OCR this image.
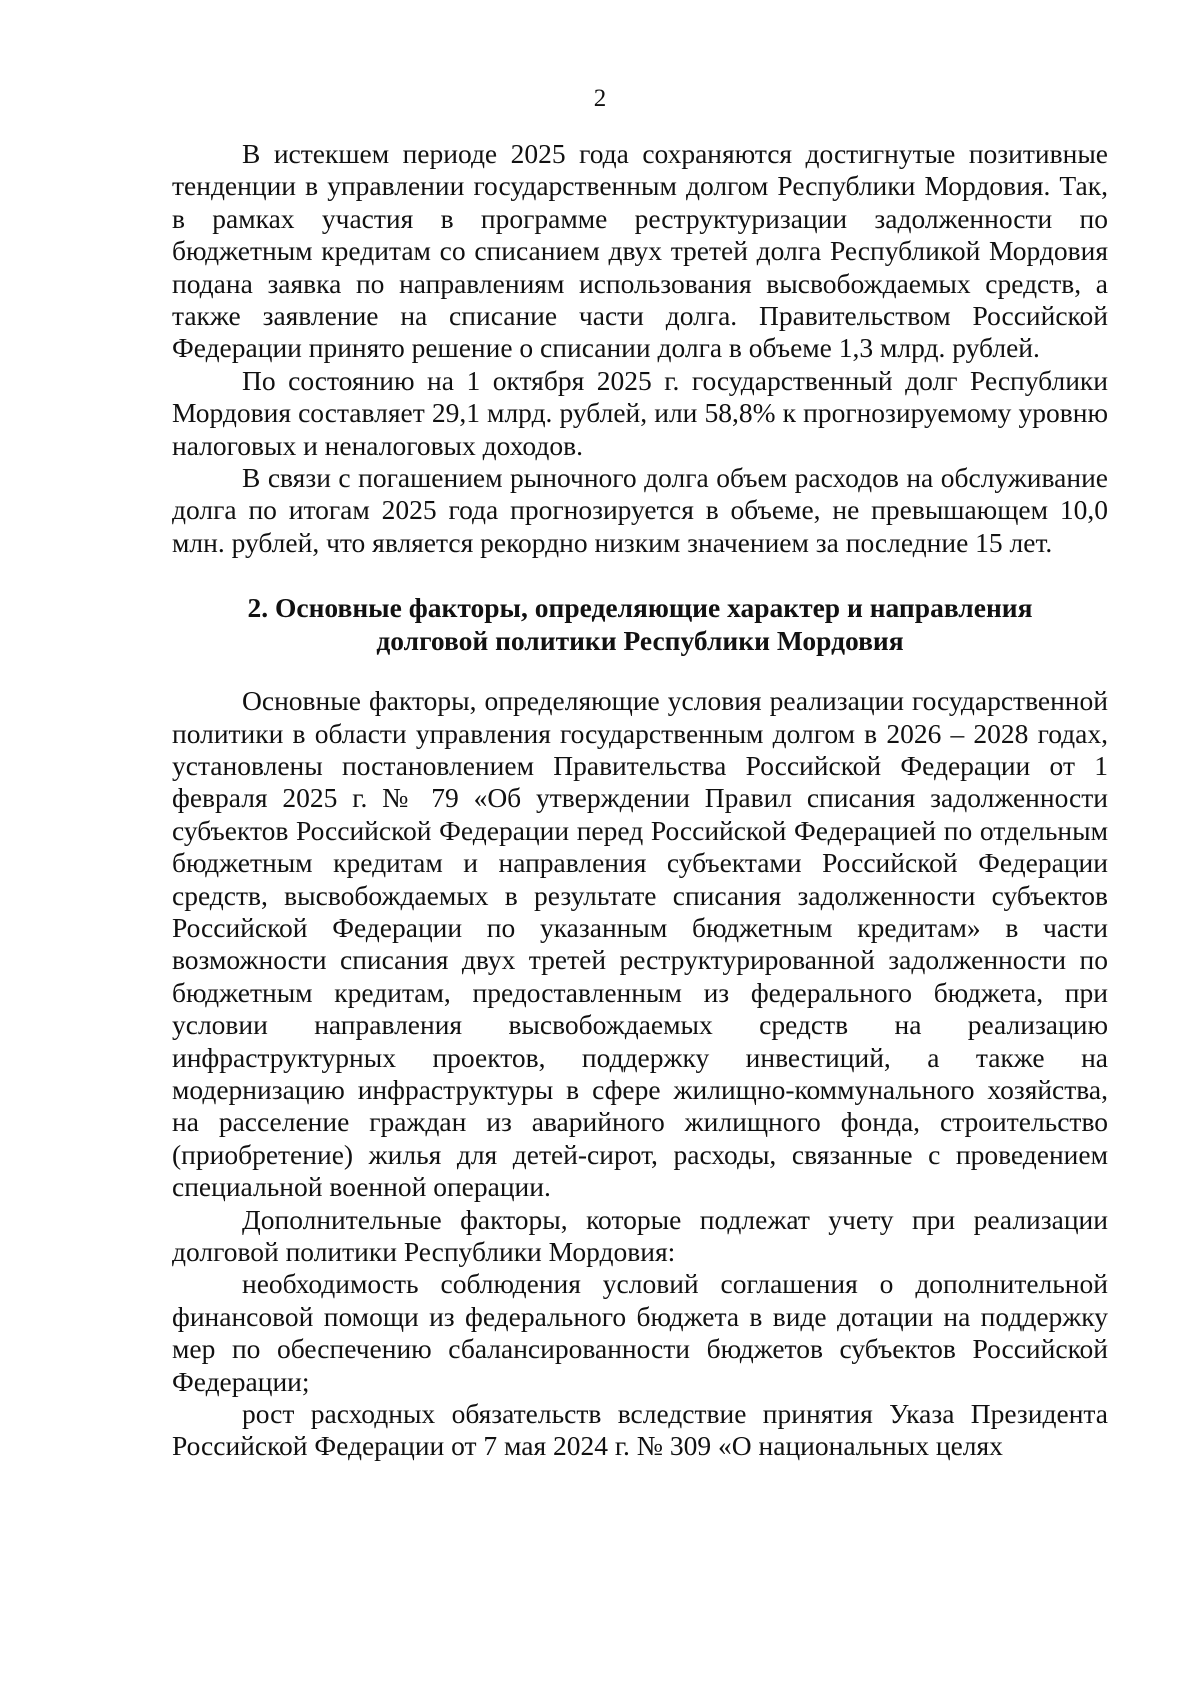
2

В истекшем периоде 2025 года сохраняются достигнутые позитивные тенденции в управлении государственным долгом Республики Мордовия. Так, в рамках участия в программе реструктуризации задолженности по бюджетным кредитам со списанием двух третей долга Республикой Мордовия подана заявка по направлениям использования высвобождаемых средств, а также заявление на списание части долга. Правительством Российской Федерации принято решение о списании долга в объеме 1,3 млрд. рублей.

По состоянию на 1 октября 2025 г. государственный долг Республики Мордовия составляет 29,1 млрд. рублей, или 58,8% к прогнозируемому уровню налоговых и неналоговых доходов.

В связи с погашением рыночного долга объем расходов на обслуживание долга по итогам 2025 года прогнозируется в объеме, не превышающем 10,0 млн. рублей, что является рекордно низким значением за последние 15 лет.

2. Основные факторы, определяющие характер и направления
долговой политики Республики Мордовия

Основные факторы, определяющие условия реализации государственной политики в области управления государственным долгом в 2026 – 2028 годах, установлены постановлением Правительства Российской Федерации от 1 февраля 2025 г. № 79 «Об утверждении Правил списания задолженности субъектов Российской Федерации перед Российской Федерацией по отдельным бюджетным кредитам и направления субъектами Российской Федерации средств, высвобождаемых в результате списания задолженности субъектов Российской Федерации по указанным бюджетным кредитам» в части возможности списания двух третей реструктурированной задолженности по бюджетным кредитам, предоставленным из федерального бюджета, при условии направления высвобождаемых средств на реализацию инфраструктурных проектов, поддержку инвестиций, а также на модернизацию инфраструктуры в сфере жилищно-коммунального хозяйства, на расселение граждан из аварийного жилищного фонда, строительство (приобретение) жилья для детей-сирот, расходы, связанные с проведением специальной военной операции.

Дополнительные факторы, которые подлежат учету при реализации долговой политики Республики Мордовия:

необходимость соблюдения условий соглашения о дополнительной финансовой помощи из федерального бюджета в виде дотации на поддержку мер по обеспечению сбалансированности бюджетов субъектов Российской Федерации;

рост расходных обязательств вследствие принятия Указа Президента Российской Федерации от 7 мая 2024 г. № 309 «О национальных целях
